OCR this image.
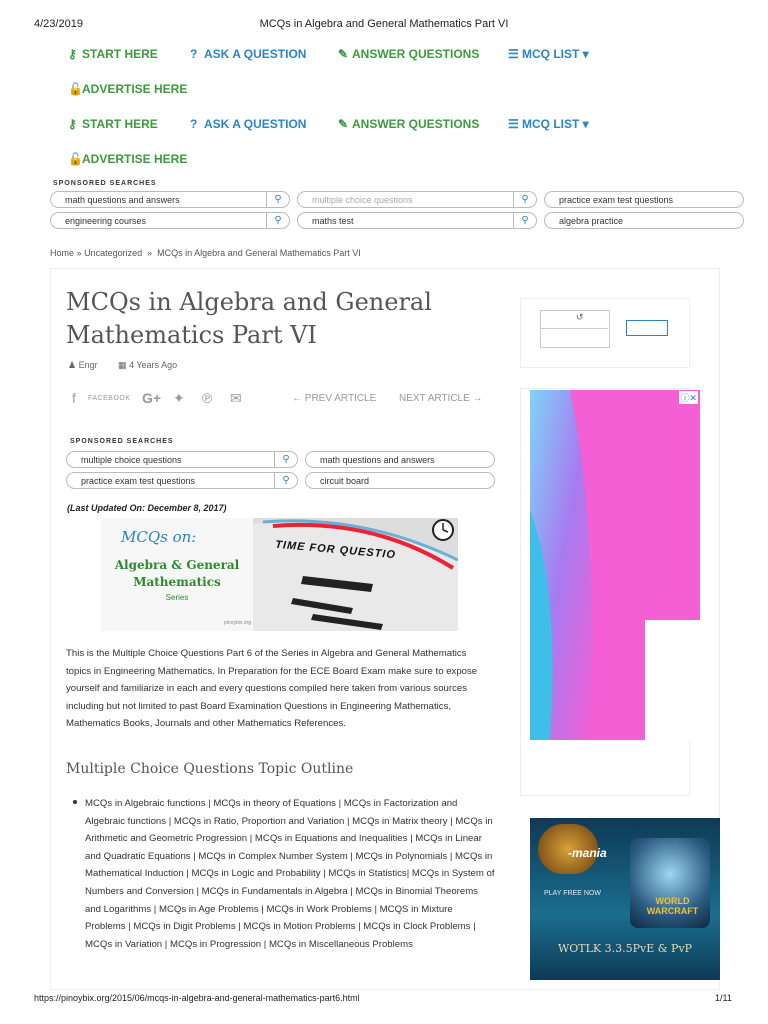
4/23/2019	MCQs in Algebra and General Mathematics Part VI
⚷ START HERE	? ASK A QUESTION	✎ ANSWER QUESTIONS ☰ MCQ LIST ▾
🔓ADVERTISE HERE
⚷ START HERE	? ASK A QUESTION	✎ ANSWER QUESTIONS ☰ MCQ LIST ▾
🔓ADVERTISE HERE
SPONSORED SEARCHES
math questions and answers	⚲	multiple choice questions	⚲	practice exam test questions
engineering courses	⚲	maths test	⚲	algebra practice
Home » Uncategorized » MCQs in Algebra and General Mathematics Part VI
MCQs in Algebra and General Mathematics Part VI
♟ Engr ▦ 4 Years Ago
f FACEBOOK G+ ✦ ℗ ✉	← PREV ARTICLE NEXT ARTICLE →
SPONSORED SEARCHES
multiple choice questions	⚲	math questions and answers
practice exam test questions	⚲	circuit board
(Last Updated On: December 8, 2017)
MCQs on:
Algebra & General
Mathematics
Series
pinoybix.org
TIME FOR QUESTIO
This is the Multiple Choice Questions Part 6 of the Series in Algebra and General Mathematics topics in Engineering Mathematics. In Preparation for the ECE Board Exam make sure to expose yourself and familiarize in each and every questions compiled here taken from various sources including but not limited to past Board Examination Questions in Engineering Mathematics, Mathematics Books, Journals and other Mathematics References.
Multiple Choice Questions Topic Outline
MCQs in Algebraic functions | MCQs in theory of Equations | MCQs in Factorization and Algebraic functions | MCQs in Ratio, Proportion and Variation | MCQs in Matrix theory | MCQs in Arithmetic and Geometric Progression | MCQs in Equations and Inequalities | MCQs in Linear and Quadratic Equations | MCQs in Complex Number System | MCQs in Polynomials | MCQs in Mathematical Induction | MCQs in Logic and Probability | MCQs in Statistics| MCQs in System of Numbers and Conversion | MCQs in Fundamentals in Algebra | MCQs in Binomial Theorems and Logarithms | MCQs in Age Problems | MCQs in Work Problems | MCQS in Mixture Problems | MCQs in Digit Problems | MCQs in Motion Problems | MCQs in Clock Problems | MCQs in Variation | MCQs in Progression | MCQs in Miscellaneous Problems
↺
ⓘ✕
-mania
PLAY FREE NOW
WORLD WARCRAFT
WOTLK 3.3.5PvE & PvP
https://pinoybix.org/2015/06/mcqs-in-algebra-and-general-mathematics-part6.html	1/11
